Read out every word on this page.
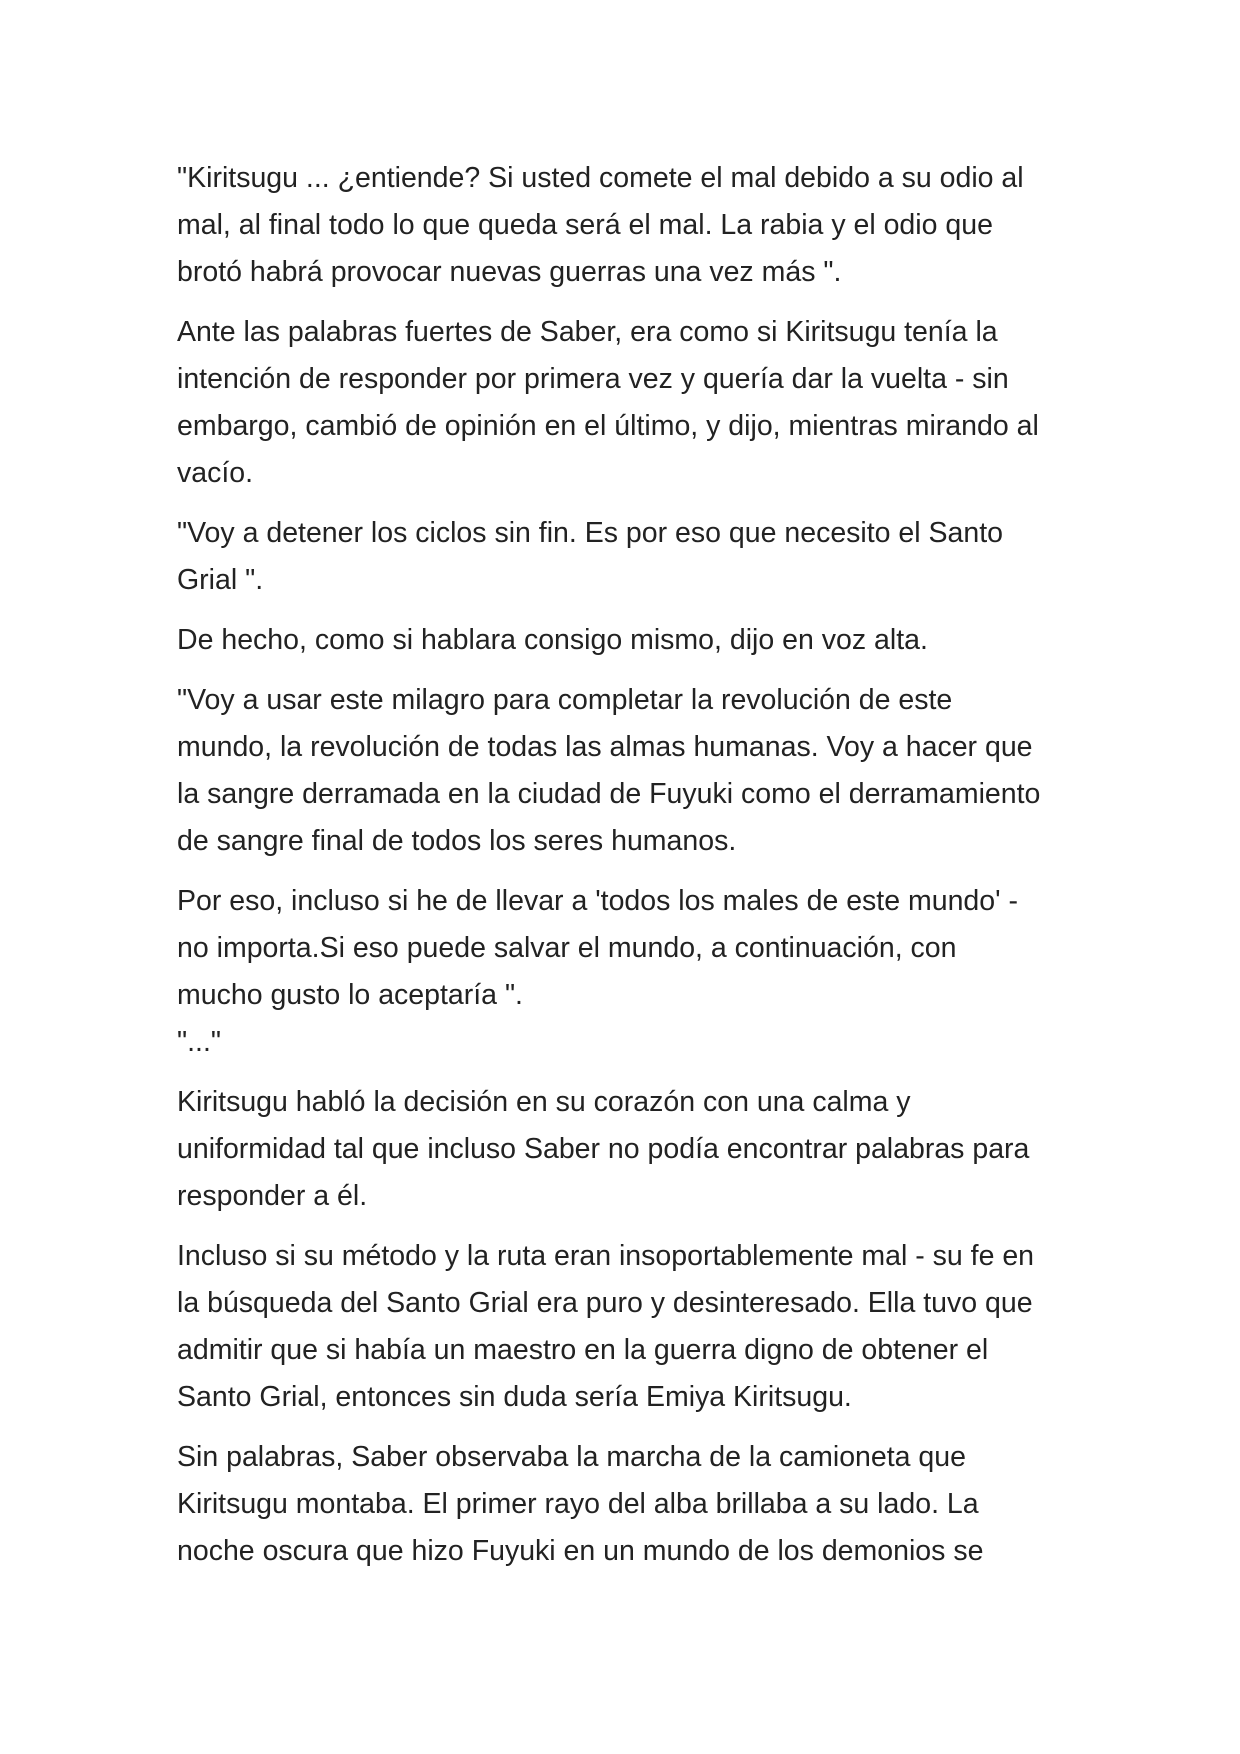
"Kiritsugu ... ¿entiende? Si usted comete el mal debido a su odio al
mal, al final todo lo que queda será el mal. La rabia y el odio que
brotó habrá provocar nuevas guerras una vez más ".

Ante las palabras fuertes de Saber, era como si Kiritsugu tenía la
intención de responder por primera vez y quería dar la vuelta - sin
embargo, cambió de opinión en el último, y dijo, mientras mirando al
vacío.

"Voy a detener los ciclos sin fin. Es por eso que necesito el Santo
Grial ".

De hecho, como si hablara consigo mismo, dijo en voz alta.

"Voy a usar este milagro para completar la revolución de este
mundo, la revolución de todas las almas humanas. Voy a hacer que
la sangre derramada en la ciudad de Fuyuki como el derramamiento
de sangre final de todos los seres humanos.

Por eso, incluso si he de llevar a 'todos los males de este mundo' -
no importa.Si eso puede salvar el mundo, a continuación, con
mucho gusto lo aceptaría ".

"..."

Kiritsugu habló la decisión en su corazón con una calma y
uniformidad tal que incluso Saber no podía encontrar palabras para
responder a él.

Incluso si su método y la ruta eran insoportablemente mal - su fe en
la búsqueda del Santo Grial era puro y desinteresado. Ella tuvo que
admitir que si había un maestro en la guerra digno de obtener el
Santo Grial, entonces sin duda sería Emiya Kiritsugu.

Sin palabras, Saber observaba la marcha de la camioneta que
Kiritsugu montaba. El primer rayo del alba brillaba a su lado. La
noche oscura que hizo Fuyuki en un mundo de los demonios se
